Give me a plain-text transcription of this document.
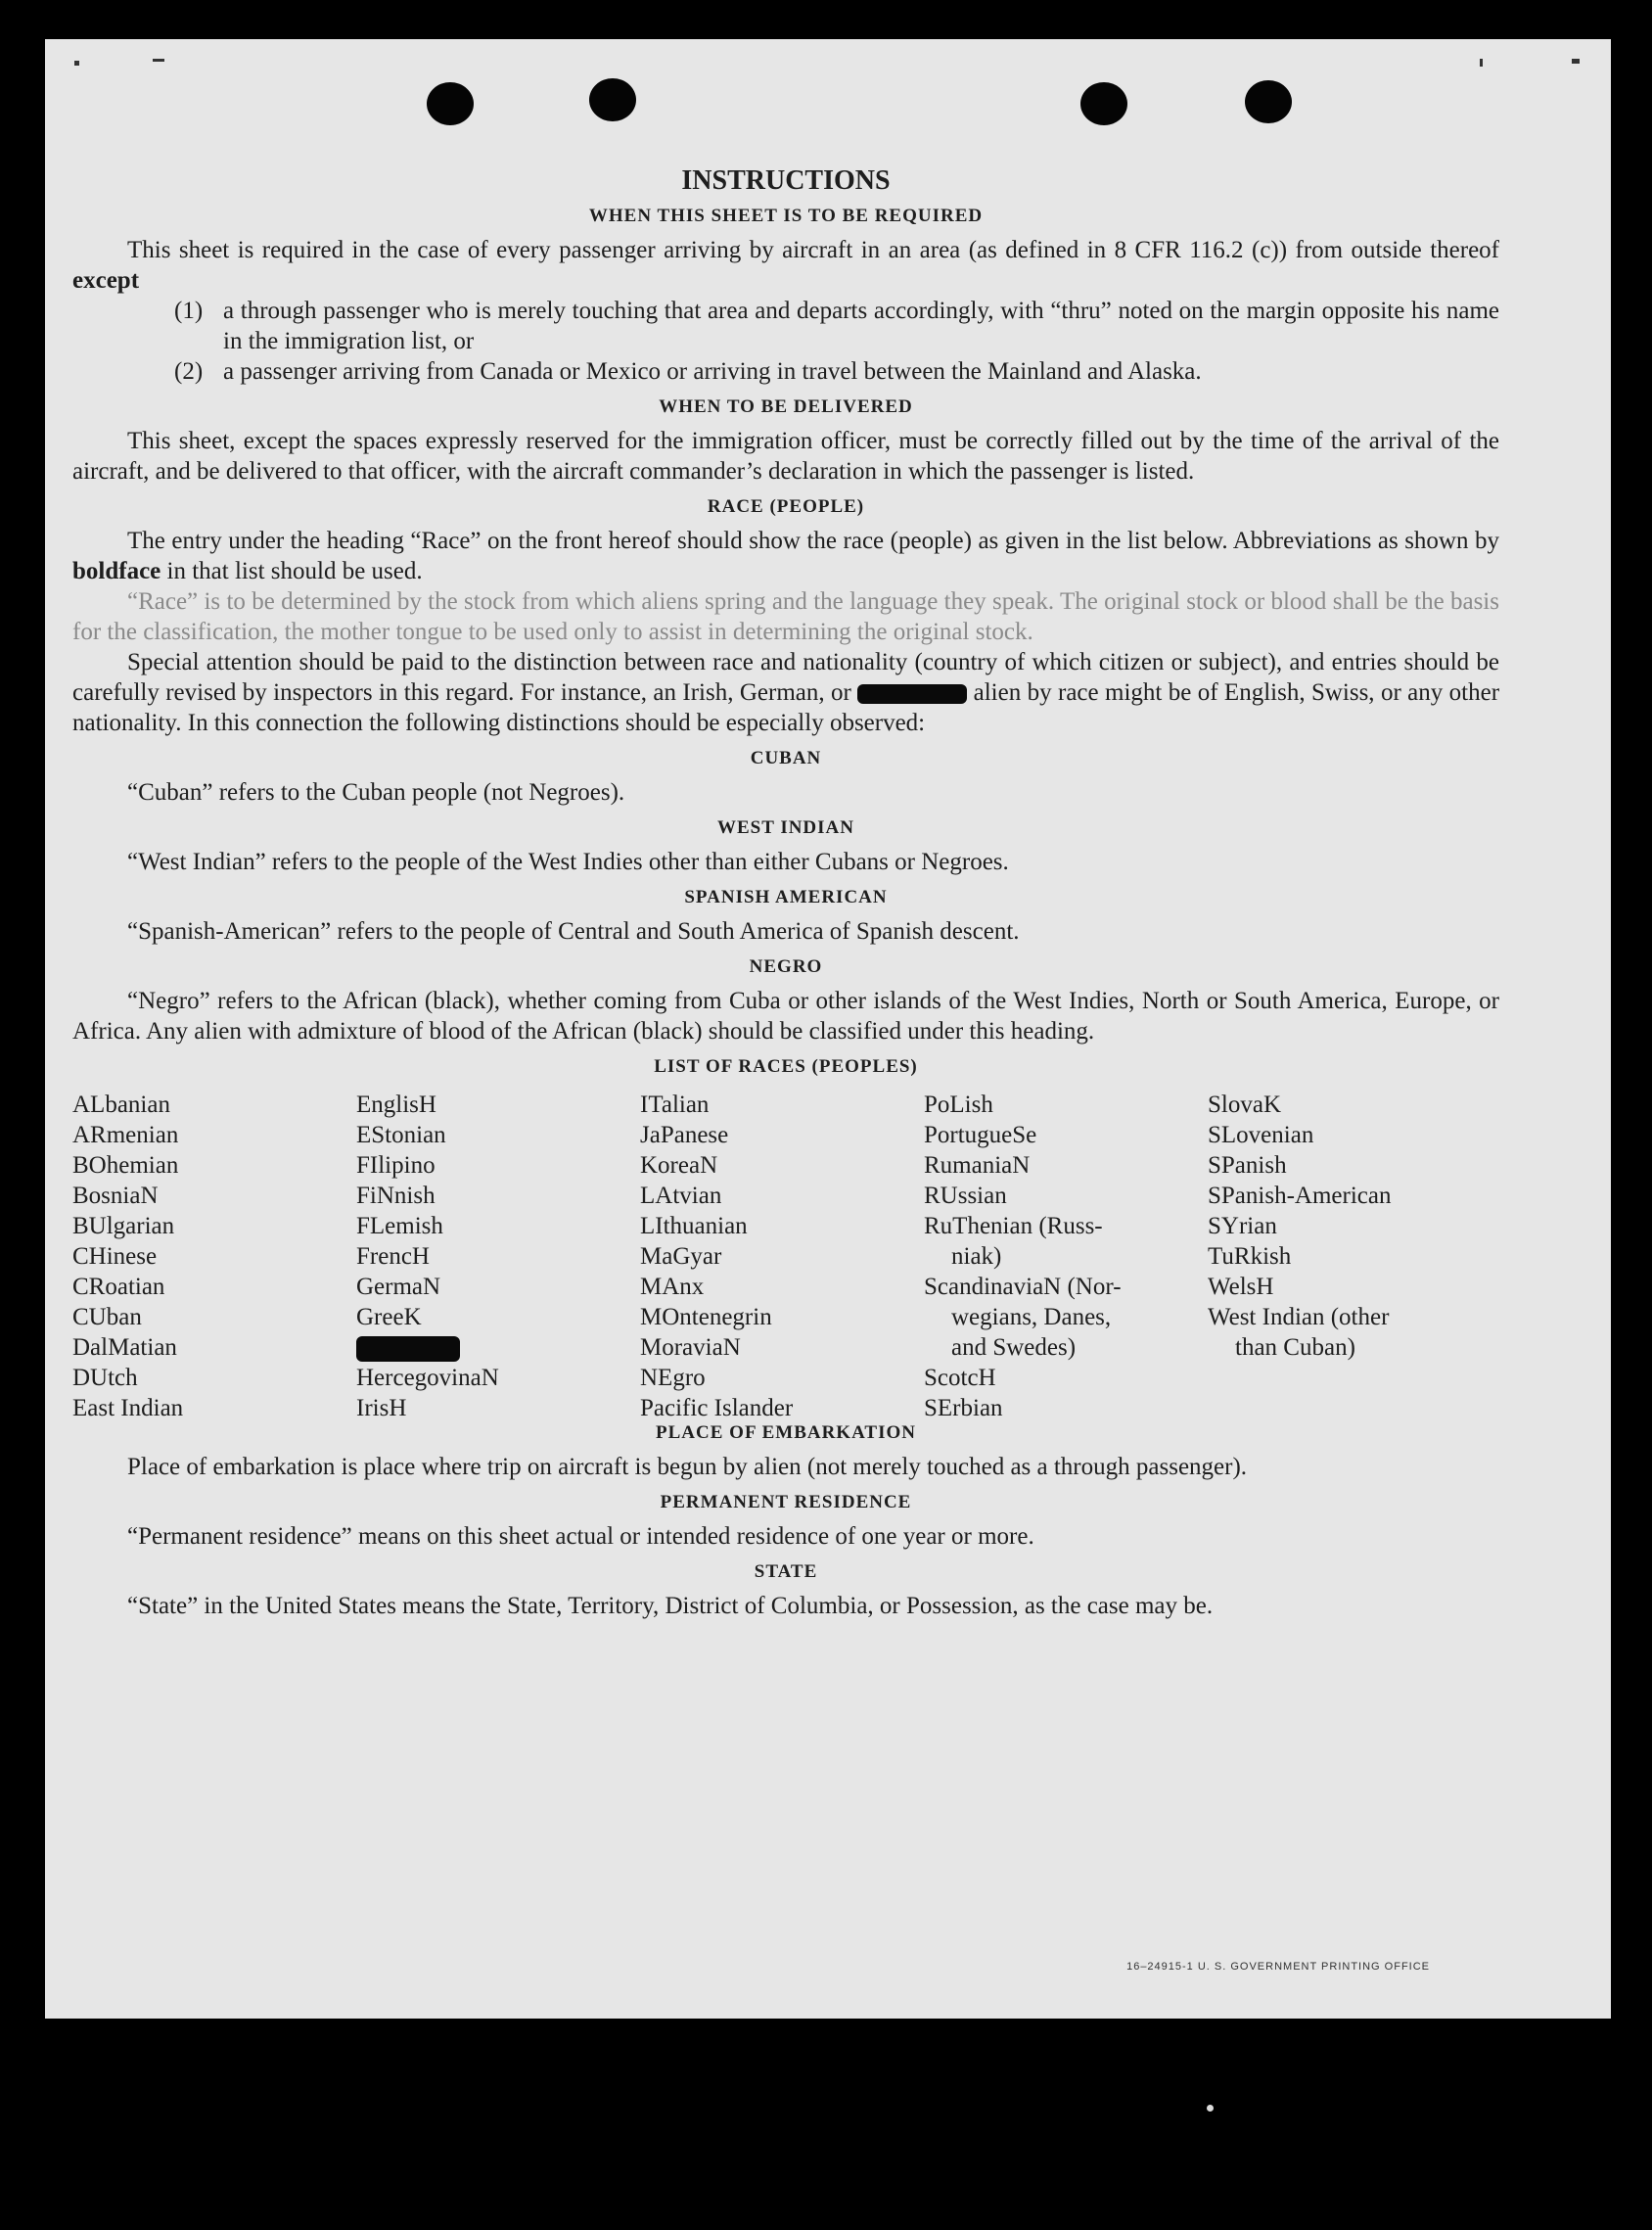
INSTRUCTIONS
WHEN THIS SHEET IS TO BE REQUIRED

This sheet is required in the case of every passenger arriving by aircraft in an area (as defined in 8 CFR 116.2 (c)) from outside thereof except

(1) a through passenger who is merely touching that area and departs accordingly, with “thru” noted on the margin opposite his name in the immigration list, or
(2) a passenger arriving from Canada or Mexico or arriving in travel between the Mainland and Alaska.
WHEN TO BE DELIVERED

This sheet, except the spaces expressly reserved for the immigration officer, must be correctly filled out by the time of the arrival of the aircraft, and be delivered to that officer, with the aircraft commander’s declaration in which the passenger is listed.

RACE (PEOPLE)

The entry under the heading “Race” on the front hereof should show the race (people) as given in the list below. Abbreviations as shown by boldface in that list should be used.

“Race” is to be determined by the stock from which aliens spring and the language they speak. The original stock or blood shall be the basis for the classification, the mother tongue to be used only to assist in determining the original stock.

Special attention should be paid to the distinction between race and nationality (country of which citizen or subject), and entries should be carefully revised by inspectors in this regard. For instance, an Irish, German, or	alien by race might be of English, Swiss, or any other nationality. In this connection the following distinctions should be especially observed:

CUBAN

“Cuban” refers to the Cuban people (not Negroes).

WEST INDIAN

“West Indian” refers to the people of the West Indies other than either Cubans or Negroes.

SPANISH AMERICAN

“Spanish-American” refers to the people of Central and South America of Spanish descent.

NEGRO

“Negro” refers to the African (black), whether coming from Cuba or other islands of the West Indies, North or South America, Europe, or Africa. Any alien with admixture of blood of the African (black) should be classified under this heading.

LIST OF RACES (PEOPLES)
ALbanian
ARmenian
BOhemian
BosniaN
BUlgarian
CHinese
CRoatian
CUban
DalMatian
DUtch
East Indian
EnglisH
EStonian
FIlipino
FiNnish
FLemish
FrencH
GermaN
GreeK
HercegovinaN
IrisH
ITalian
JaPanese
KoreaN
LAtvian
LIthuanian
MaGyar
MAnx
MOntenegrin
MoraviaN
NEgro
Pacific Islander
PoLish
PortugueSe
RumaniaN
RUssian
RuThenian (Russ-
niak)
ScandinaviaN (Nor-
wegians, Danes,
and Swedes)
ScotcH
SErbian
SlovaK
SLovenian
SPanish
SPanish-American
SYrian
TuRkish
WelsH
West Indian (other
than Cuban)
PLACE OF EMBARKATION

Place of embarkation is place where trip on aircraft is begun by alien (not merely touched as a through passenger).

PERMANENT RESIDENCE

“Permanent residence” means on this sheet actual or intended residence of one year or more.

STATE

“State” in the United States means the State, Territory, District of Columbia, or Possession, as the case may be.

16–24915-1 U. S. GOVERNMENT PRINTING OFFICE
